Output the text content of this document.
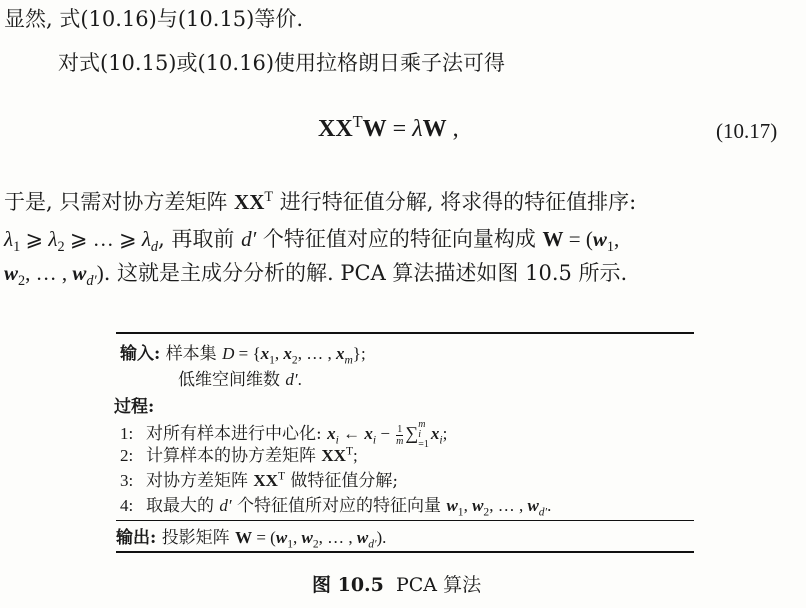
显然, 式(10.16)与(10.15)等价.
对式(10.15)或(10.16)使用拉格朗日乘子法可得
$XX^TW = \lambda W$ ,	(10.17)
于是, 只需对协方差矩阵 $XX^T$ 进行特征值分解, 将求得的特征值排序:
$\lambda_1$ ⩾ $\lambda_2$ ⩾ … ⩾ $\lambda_d$, 再取前 d′ 个特征值对应的特征向量构成 $W = (w_1$,
$w_2$, … , $w_{d'}$). 这就是主成分分析的解. PCA 算法描述如图 10.5 所示.
输入: 样本集 $D = \{x_1$, $x_2$, … , $x_m$};
低维空间维数 d′.
过程:
1: 对所有样本进行中心化: $x_i$ ← $x_i - \frac{1}{m}$ ∑ m
i
=1
$x_i$;
2: 计算样本的协方差矩阵 $XX^T$;
3: 对协方差矩阵 $XX^T$ 做特征值分解;
4: 取最大的 d′ 个特征值所对应的特征向量 $w_1$, $w_2$, … , $w_{d'}$.
输出: 投影矩阵 $W = (w_1$, $w_2$, … , $w_{d'}$).
图 10.5 PCA 算法
